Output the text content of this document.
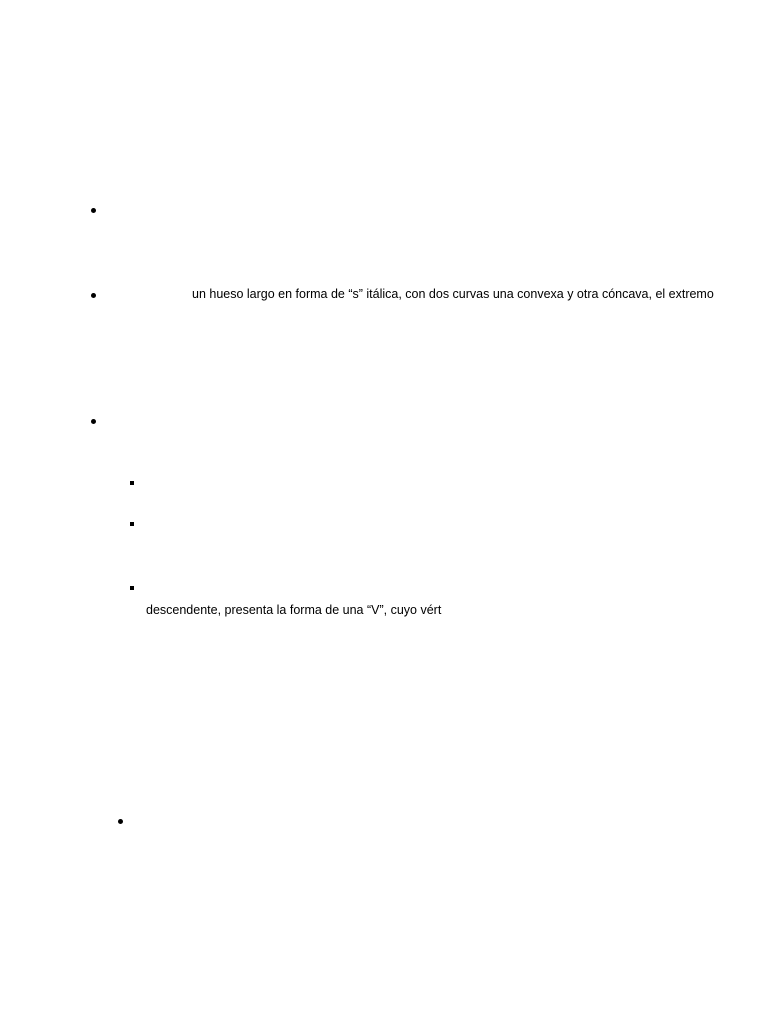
un hueso largo en forma de “s” itálica, con dos curvas una convexa y otra cóncava, el extremo
descendente, presenta la forma de una “V”, cuyo vért
